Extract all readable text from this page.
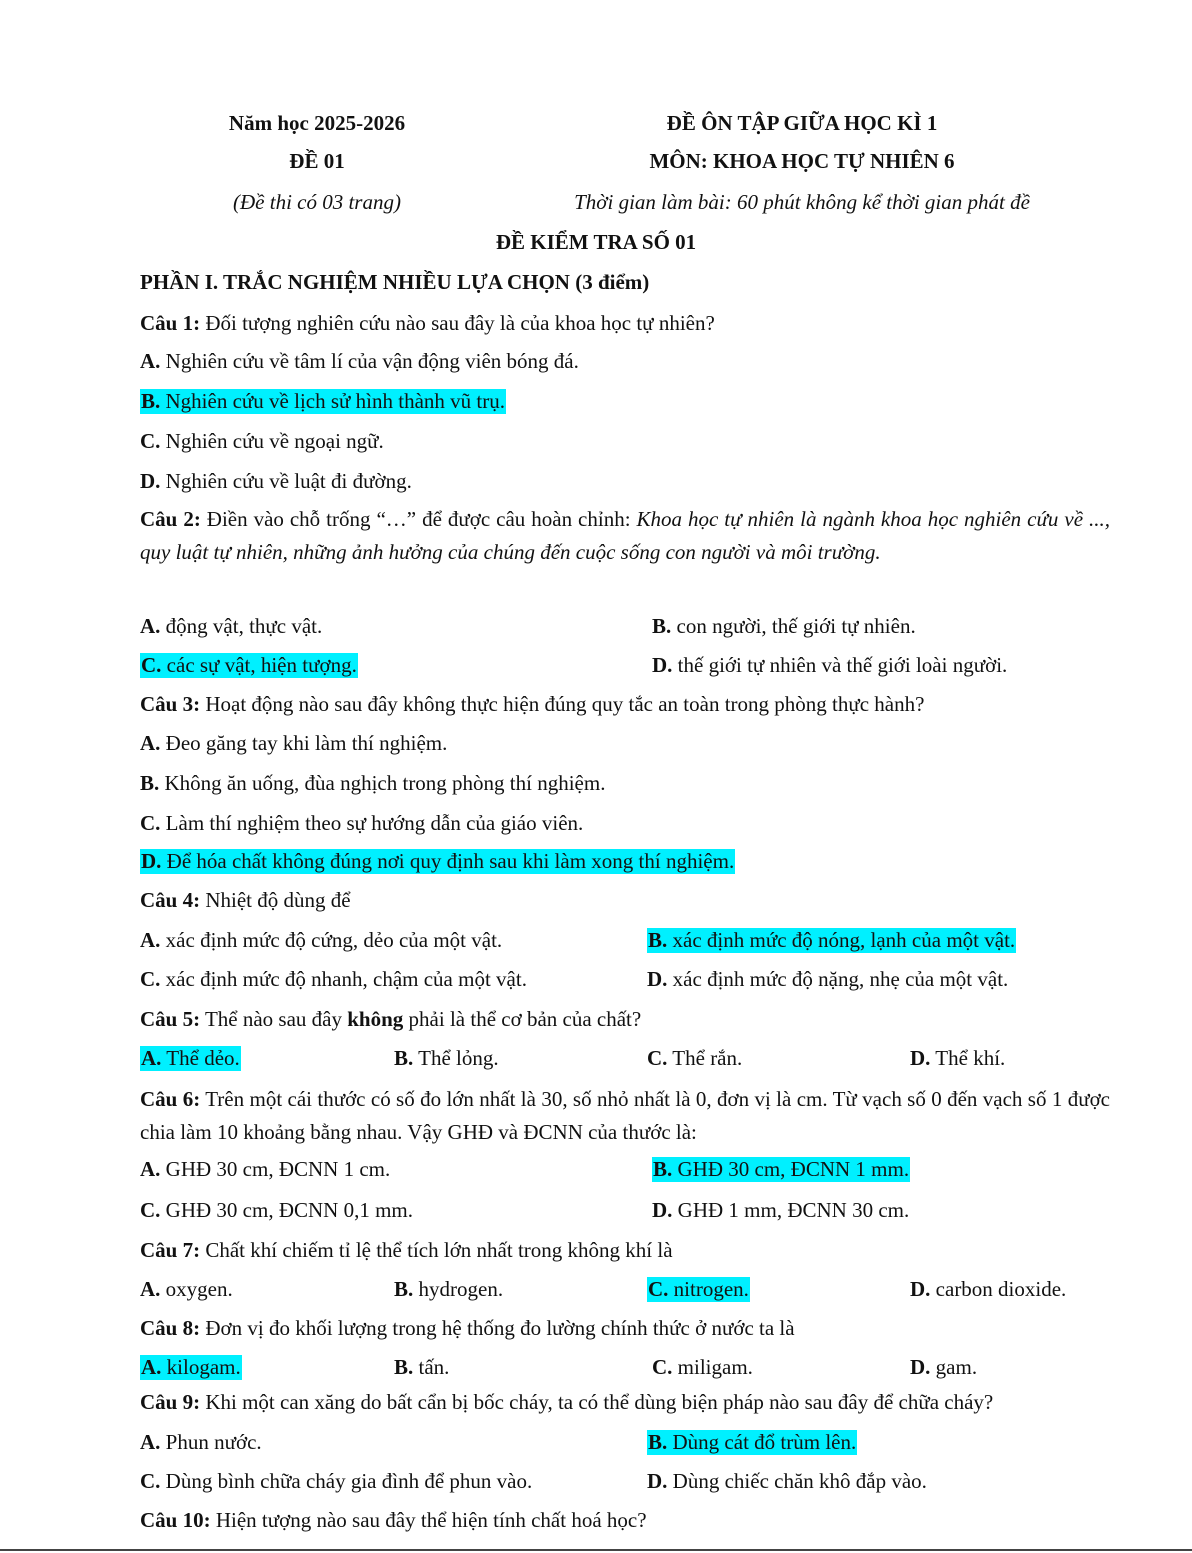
Năm học 2025-2026	ĐỀ ÔN TẬP GIỮA HỌC KÌ 1
ĐỀ 01	MÔN: KHOA HỌC TỰ NHIÊN 6
(Đề thi có 03 trang)	Thời gian làm bài: 60 phút không kể thời gian phát đề
ĐỀ KIỂM TRA SỐ 01
PHẦN I. TRẮC NGHIỆM NHIỀU LỰA CHỌN (3 điểm)
Câu 1: Đối tượng nghiên cứu nào sau đây là của khoa học tự nhiên?
A. Nghiên cứu về tâm lí của vận động viên bóng đá.
B. Nghiên cứu về lịch sử hình thành vũ trụ.
C. Nghiên cứu về ngoại ngữ.
D. Nghiên cứu về luật đi đường.
Câu 2: Điền vào chỗ trống “…” để được câu hoàn chỉnh: Khoa học tự nhiên là ngành khoa học nghiên cứu về ..., quy luật tự nhiên, những ảnh hưởng của chúng đến cuộc sống con người và môi trường.
A. động vật, thực vật.	B. con người, thế giới tự nhiên.
C. các sự vật, hiện tượng.	D. thế giới tự nhiên và thế giới loài người.
Câu 3: Hoạt động nào sau đây không thực hiện đúng quy tắc an toàn trong phòng thực hành?
A. Đeo găng tay khi làm thí nghiệm.
B. Không ăn uống, đùa nghịch trong phòng thí nghiệm.
C. Làm thí nghiệm theo sự hướng dẫn của giáo viên.
D. Để hóa chất không đúng nơi quy định sau khi làm xong thí nghiệm.
Câu 4: Nhiệt độ dùng để
A. xác định mức độ cứng, dẻo của một vật.	B. xác định mức độ nóng, lạnh của một vật.
C. xác định mức độ nhanh, chậm của một vật.	D. xác định mức độ nặng, nhẹ của một vật.
Câu 5: Thể nào sau đây không phải là thể cơ bản của chất?
A. Thể dẻo.	B. Thể lỏng.	C. Thể rắn.	D. Thể khí.
Câu 6: Trên một cái thước có số đo lớn nhất là 30, số nhỏ nhất là 0, đơn vị là cm. Từ vạch số 0 đến vạch số 1 được chia làm 10 khoảng bằng nhau. Vậy GHĐ và ĐCNN của thước là:
A. GHĐ 30 cm, ĐCNN 1 cm.	B. GHĐ 30 cm, ĐCNN 1 mm.
C. GHĐ 30 cm, ĐCNN 0,1 mm.	D. GHĐ 1 mm, ĐCNN 30 cm.
Câu 7: Chất khí chiếm tỉ lệ thể tích lớn nhất trong không khí là
A. oxygen.	B. hydrogen.	C. nitrogen.	D. carbon dioxide.
Câu 8: Đơn vị đo khối lượng trong hệ thống đo lường chính thức ở nước ta là
A. kilogam.	B. tấn.	C. miligam.	D. gam.
Câu 9: Khi một can xăng do bất cẩn bị bốc cháy, ta có thể dùng biện pháp nào sau đây để chữa cháy?
A. Phun nước.	B. Dùng cát đổ trùm lên.
C. Dùng bình chữa cháy gia đình để phun vào.	D. Dùng chiếc chăn khô đắp vào.
Câu 10: Hiện tượng nào sau đây thể hiện tính chất hoá học?
